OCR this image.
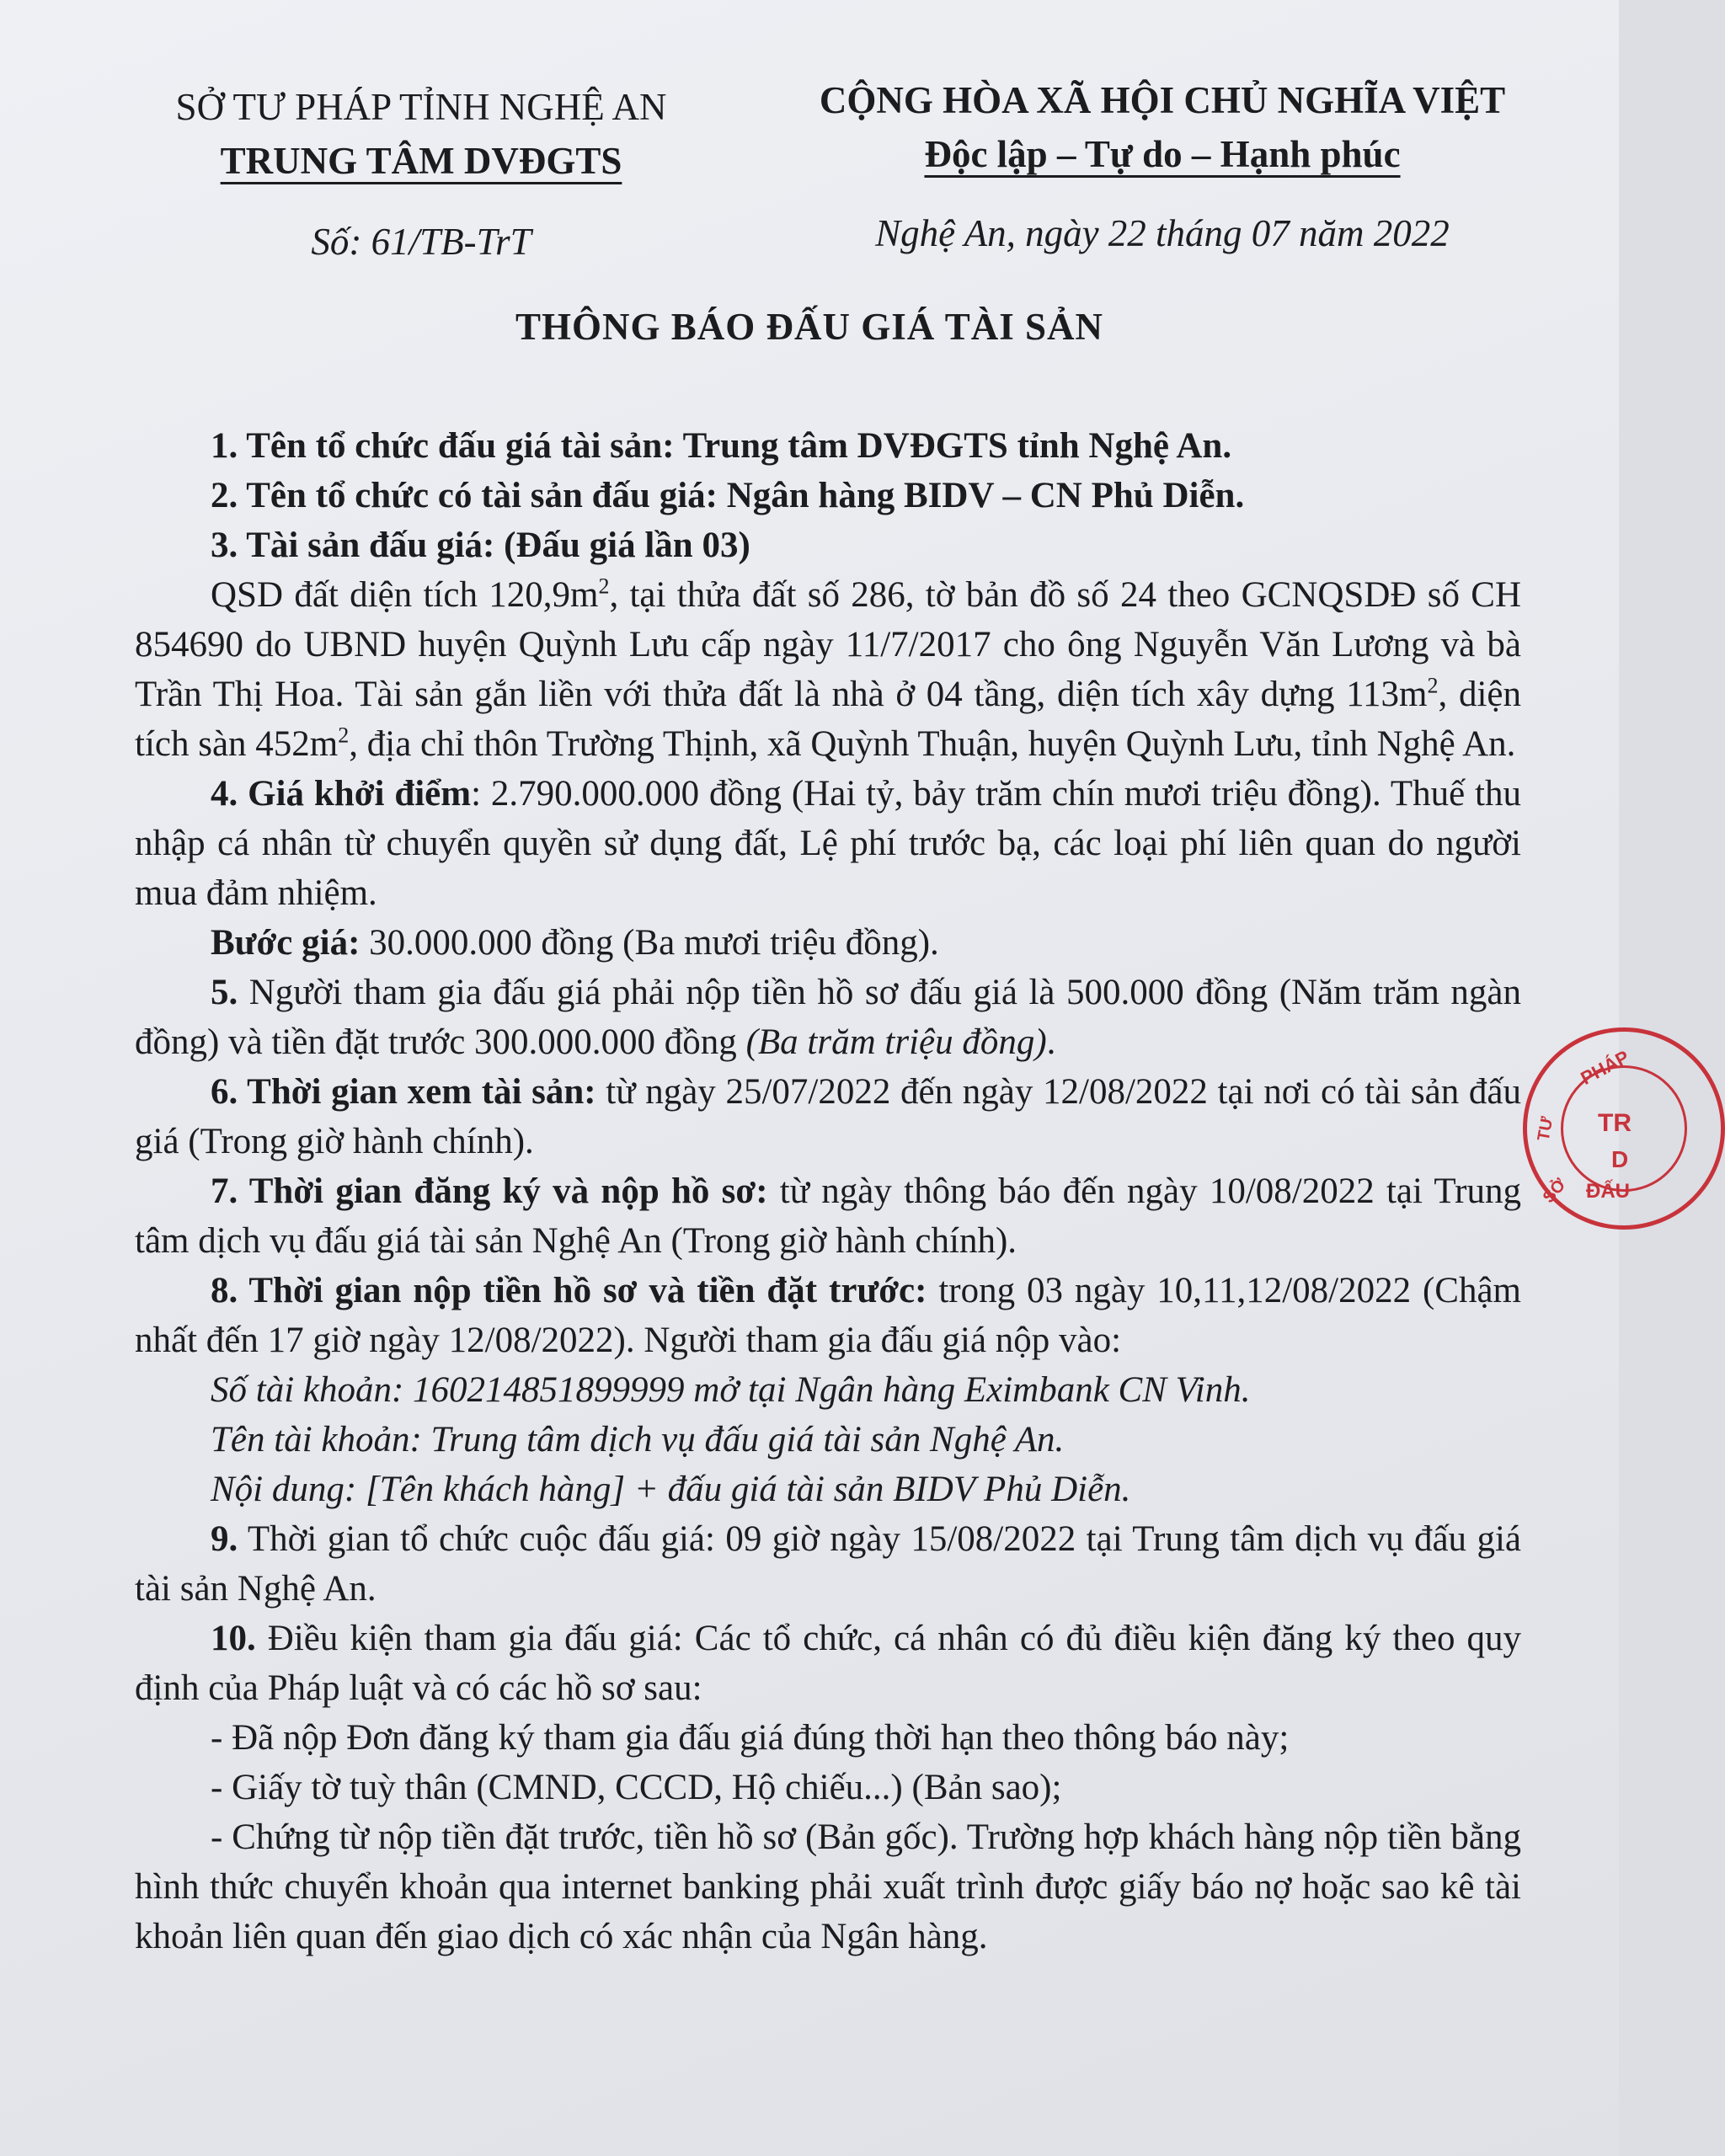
SỞ TƯ PHÁP TỈNH NGHỆ AN
TRUNG TÂM DVĐGTS
Số: 61/TB-TrT
CỘNG HÒA XÃ HỘI CHỦ NGHĨA VIỆT
Độc lập – Tự do – Hạnh phúc
Nghệ An, ngày 22 tháng 07 năm 2022
THÔNG BÁO ĐẤU GIÁ TÀI SẢN

1. Tên tổ chức đấu giá tài sản: Trung tâm DVĐGTS tỉnh Nghệ An.

2. Tên tổ chức có tài sản đấu giá: Ngân hàng BIDV – CN Phủ Diễn.

3. Tài sản đấu giá: (Đấu giá lần 03)

QSD đất diện tích $120,9m^2$, tại thửa đất số 286, tờ bản đồ số 24 theo GCNQSDĐ số CH 854690 do UBND huyện Quỳnh Lưu cấp ngày 11/7/2017 cho ông Nguyễn Văn Lương và bà Trần Thị Hoa. Tài sản gắn liền với thửa đất là nhà ở 04 tầng, diện tích xây dựng $113m^2$, diện tích sàn $452m^2$, địa chỉ thôn Trường Thịnh, xã Quỳnh Thuận, huyện Quỳnh Lưu, tỉnh Nghệ An.

4. Giá khởi điểm: 2.790.000.000 đồng (Hai tỷ, bảy trăm chín mươi triệu đồng). Thuế thu nhập cá nhân từ chuyển quyền sử dụng đất, Lệ phí trước bạ, các loại phí liên quan do người mua đảm nhiệm.

Bước giá: 30.000.000 đồng (Ba mươi triệu đồng).

5. Người tham gia đấu giá phải nộp tiền hồ sơ đấu giá là 500.000 đồng (Năm trăm ngàn đồng) và tiền đặt trước 300.000.000 đồng (Ba trăm triệu đồng).

6. Thời gian xem tài sản: từ ngày 25/07/2022 đến ngày 12/08/2022 tại nơi có tài sản đấu giá (Trong giờ hành chính).

7. Thời gian đăng ký và nộp hồ sơ: từ ngày thông báo đến ngày 10/08/2022 tại Trung tâm dịch vụ đấu giá tài sản Nghệ An (Trong giờ hành chính).

8. Thời gian nộp tiền hồ sơ và tiền đặt trước: trong 03 ngày 10,11,12/08/2022 (Chậm nhất đến 17 giờ ngày 12/08/2022). Người tham gia đấu giá nộp vào:

Số tài khoản: 160214851899999 mở tại Ngân hàng Eximbank CN Vinh.

Tên tài khoản: Trung tâm dịch vụ đấu giá tài sản Nghệ An.

Nội dung: [Tên khách hàng] + đấu giá tài sản BIDV Phủ Diễn.

9. Thời gian tổ chức cuộc đấu giá: 09 giờ ngày 15/08/2022 tại Trung tâm dịch vụ đấu giá tài sản Nghệ An.

10. Điều kiện tham gia đấu giá: Các tổ chức, cá nhân có đủ điều kiện đăng ký theo quy định của Pháp luật và có các hồ sơ sau:

- Đã nộp Đơn đăng ký tham gia đấu giá đúng thời hạn theo thông báo này;

- Giấy tờ tuỳ thân (CMND, CCCD, Hộ chiếu...) (Bản sao);

- Chứng từ nộp tiền đặt trước, tiền hồ sơ (Bản gốc). Trường hợp khách hàng nộp tiền bằng hình thức chuyển khoản qua internet banking phải xuất trình được giấy báo nợ hoặc sao kê tài khoản liên quan đến giao dịch có xác nhận của Ngân hàng.

PHÁP
TR
D
ĐẤU
TƯ
SỞ
